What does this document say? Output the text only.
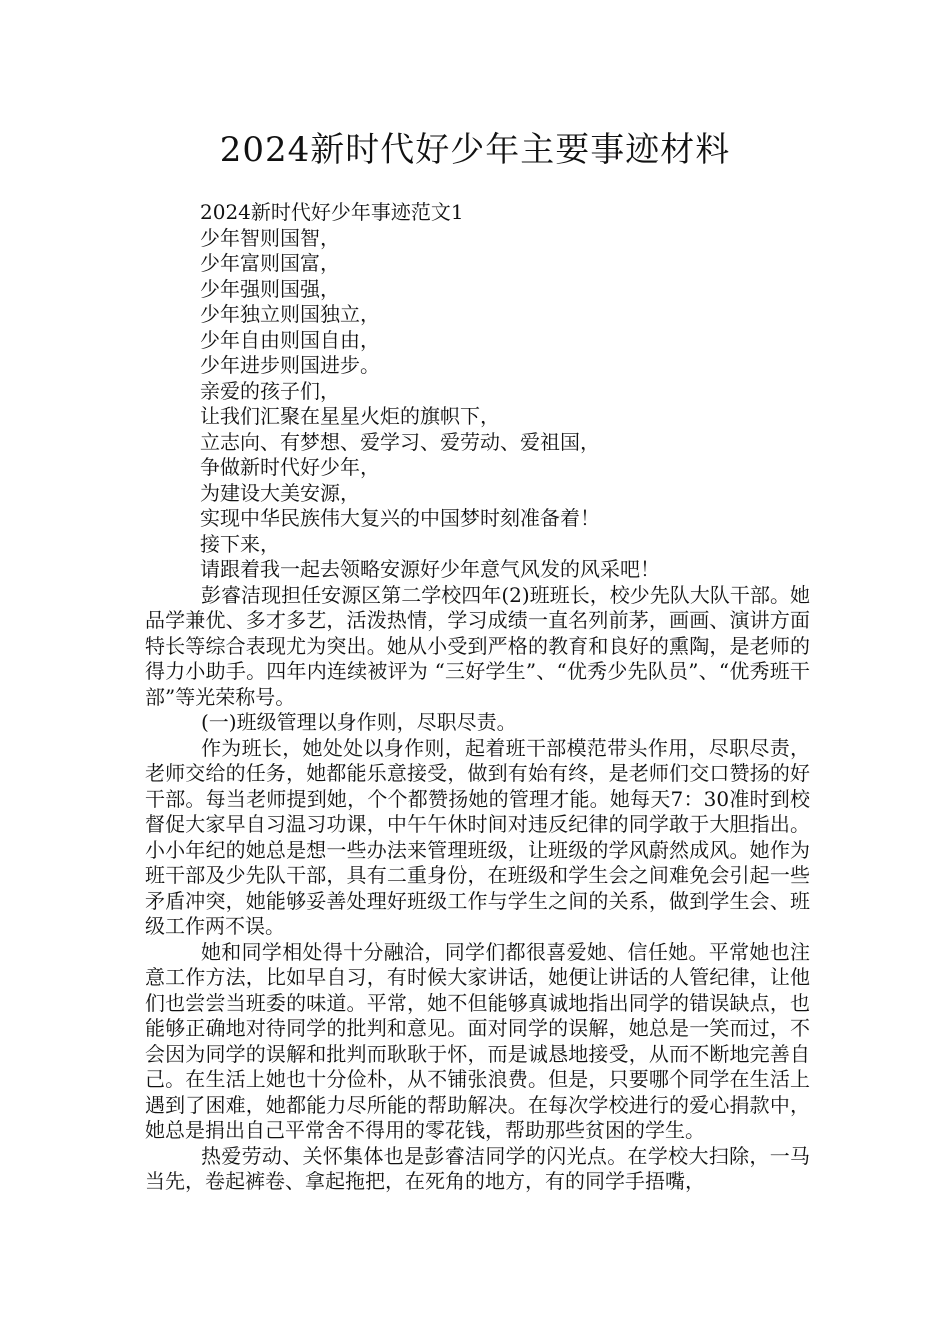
2024新时代好少年主要事迹材料

2024新时代好少年事迹范文1

少年智则国智，

少年富则国富，

少年强则国强，

少年独立则国独立，

少年自由则国自由，

少年进步则国进步。

亲爱的孩子们，

让我们汇聚在星星火炬的旗帜下，

立志向、有梦想、爱学习、爱劳动、爱祖国，

争做新时代好少年，

为建设大美安源，

实现中华民族伟大复兴的中国梦时刻准备着！

接下来，

请跟着我一起去领略安源好少年意气风发的风采吧！

彭睿洁现担任安源区第二学校四年(2)班班长，校少先队大队干部。她品学兼优、多才多艺，活泼热情，学习成绩一直名列前茅，画画、演讲方面特长等综合表现尤为突出。她从小受到严格的教育和良好的熏陶，是老师的得力小助手。四年内连续被评为 “三好学生”、“优秀少先队员”、“优秀班干部”等光荣称号。

(一)班级管理以身作则，尽职尽责。

作为班长，她处处以身作则，起着班干部模范带头作用，尽职尽责，老师交给的任务，她都能乐意接受，做到有始有终，是老师们交口赞扬的好干部。每当老师提到她，个个都赞扬她的管理才能。她每天7：30准时到校督促大家早自习温习功课，中午午休时间对违反纪律的同学敢于大胆指出。小小年纪的她总是想一些办法来管理班级，让班级的学风蔚然成风。她作为班干部及少先队干部，具有二重身份，在班级和学生会之间难免会引起一些矛盾冲突，她能够妥善处理好班级工作与学生之间的关系，做到学生会、班级工作两不误。

她和同学相处得十分融洽，同学们都很喜爱她、信任她。平常她也注意工作方法，比如早自习，有时候大家讲话，她便让讲话的人管纪律，让他们也尝尝当班委的味道。平常，她不但能够真诚地指出同学的错误缺点，也能够正确地对待同学的批判和意见。面对同学的误解，她总是一笑而过，不会因为同学的误解和批判而耿耿于怀，而是诚恳地接受，从而不断地完善自己。在生活上她也十分俭朴，从不铺张浪费。但是，只要哪个同学在生活上遇到了困难，她都能力尽所能的帮助解决。在每次学校进行的爱心捐款中，她总是捐出自己平常舍不得用的零花钱，帮助那些贫困的学生。

热爱劳动、关怀集体也是彭睿洁同学的闪光点。在学校大扫除，一马当先，卷起裤卷、拿起拖把，在死角的地方，有的同学手捂嘴，
